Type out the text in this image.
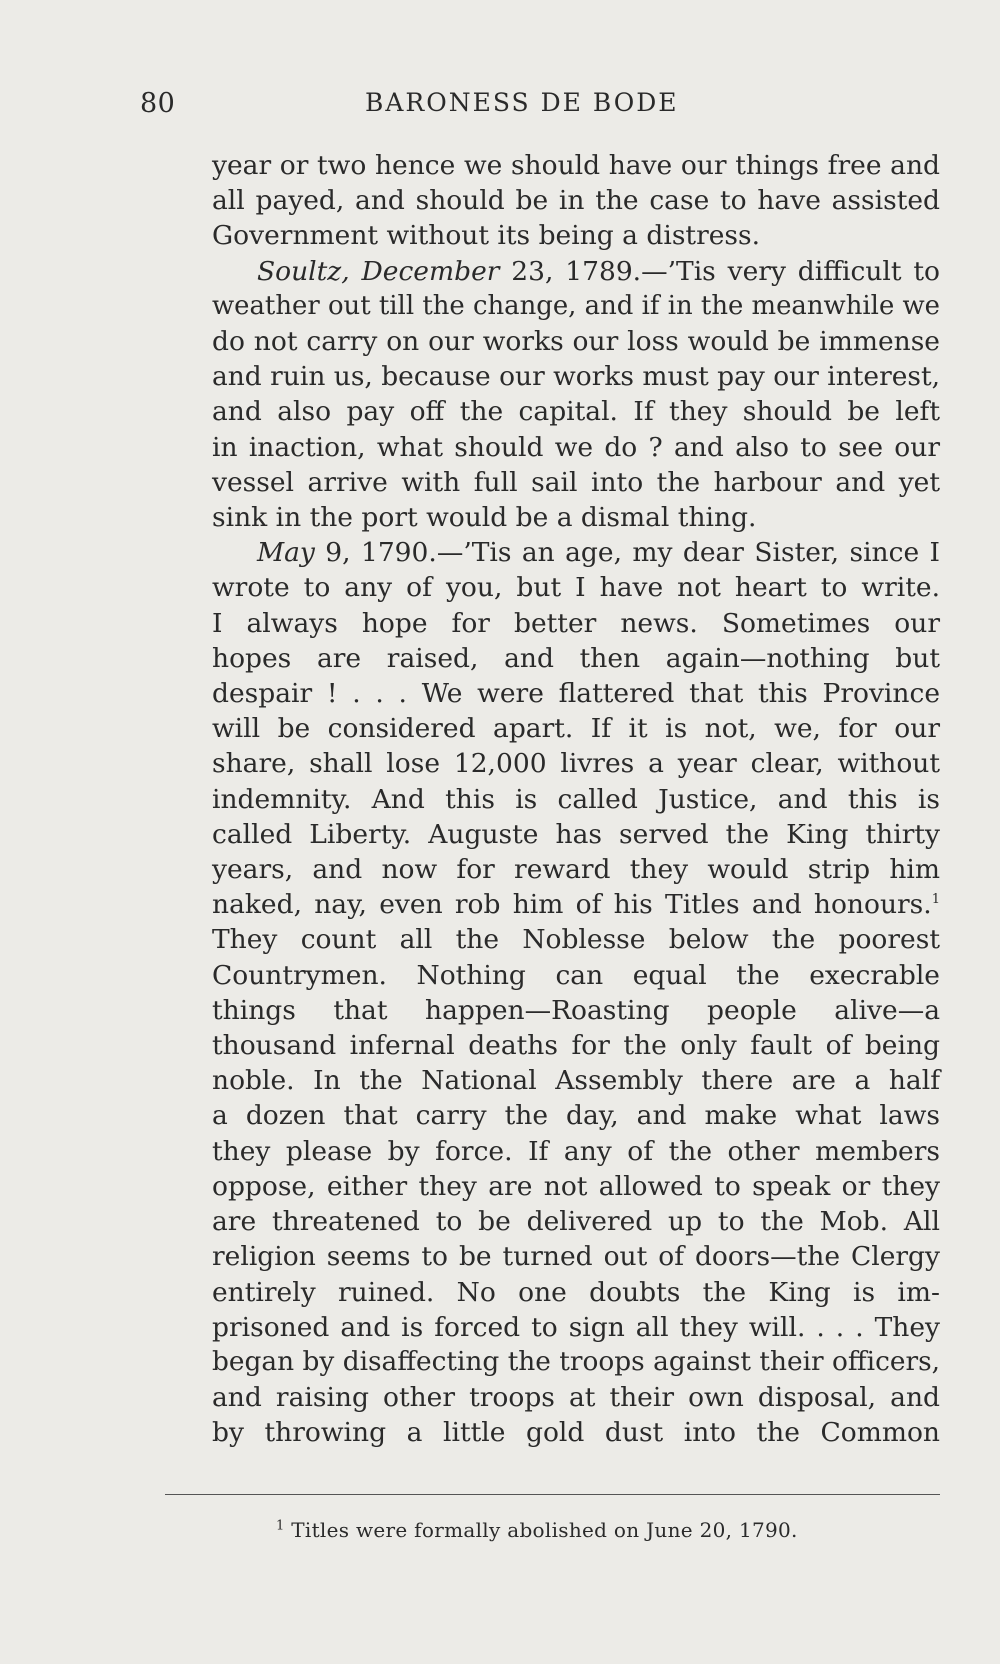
80	BARONESS DE BODE

year or two hence we should have our things free and
all payed, and should be in the case to have assisted
Government without its being a distress.

Soultz, December 23, 1789.—’Tis very difficult to
weather out till the change, and if in the meanwhile we
do not carry on our works our loss would be immense
and ruin us, because our works must pay our interest,
and also pay off the capital. If they should be left
in inaction, what should we do ? and also to see our
vessel arrive with full sail into the harbour and yet
sink in the port would be a dismal thing.

May 9, 1790.—’Tis an age, my dear Sister, since I
wrote to any of you, but I have not heart to write.
I always hope for better news. Sometimes our
hopes are raised, and then again—nothing but
despair ! . . . We were flattered that this Province
will be considered apart. If it is not, we, for our
share, shall lose 12,000 livres a year clear, without
indemnity. And this is called Justice, and this is
called Liberty. Auguste has served the King thirty
years, and now for reward they would strip him
naked, nay, even rob him of his Titles and honours.$^1$
They count all the Noblesse below the poorest
Countrymen. Nothing can equal the execrable
things that happen—Roasting people alive—a
thousand infernal deaths for the only fault of being
noble. In the National Assembly there are a half
a dozen that carry the day, and make what laws
they please by force. If any of the other members
oppose, either they are not allowed to speak or they
are threatened to be delivered up to the Mob. All
religion seems to be turned out of doors—the Clergy
entirely ruined. No one doubts the King is im-
prisoned and is forced to sign all they will. . . . They
began by disaffecting the troops against their officers,
and raising other troops at their own disposal, and
by throwing a little gold dust into the Common

$^1$ Titles were formally abolished on June 20, 1790.
